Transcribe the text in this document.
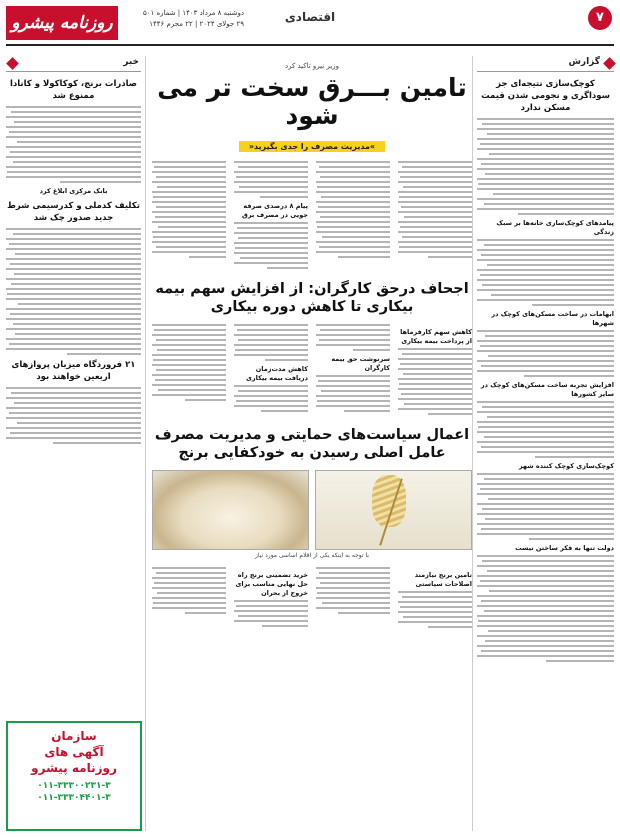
روزنامه پیشرو	دوشنبه ۸ مرداد ۱۴۰۳ | شماره ۵۰۱
۲۹ جولای ۲۰۲۴ | ۲۲ محرم ۱۴۴۶	اقتصادی	۷
گزارش
کوچک‌سازی نتیجه‌ای جز سوداگری و نجومی شدن قیمت مسکن ندارد
پیامدهای کوچک‌سازی خانه‌ها بر سبک زندگی
ابهامات در ساخت مسکن‌های کوچک در شهرها
افزایش تجربه ساخت مسکن‌های کوچک در سایر کشورها
کوچک‌سازی کوچک کننده شهر
دولت تنها به فکر ساختن نیست
خبر
صادرات برنج، کوکاکولا و کانادا ممنوع شد
بانک مرکزی ابلاغ کرد
تکلیف کدملی و کدرسیمی شرط جدید صدور چک شد
۲۱ فروردگاه میزبان پروازهای اربعین خواهند بود
سازمان
آگهی های
روزنامه پیشرو
۰۱۱-۳۳۳۰۰۲۳۱-۳
۰۱۱-۳۳۳۰۴۴۰۱-۳
وزیر نیرو تاکید کرد
تامین بـــرق سخت تر می شود
»مدیریت مصرف را جدی بگیرید«
پیام ۸ درصدی صرفه جویی در مصرف برق
اجحاف درحق کارگران: از افزایش سهم بیمه بیکاری تا کاهش دوره بیکاری
کاهش سهم کارفرماها از پرداخت بیمه بیکاری
سرنوشت حق بیمه کارگران
کاهش مدت‌زمان دریافت بیمه بیکاری
اعمال سیاست‌های حمایتی و مدیریت مصرف عامل اصلی رسیدن به خودکفایی برنج
با توجه به اینکه یکی از اقلام اساسی مورد نیاز
تامین برنج نیازمند اصلاحات سیاستی
خرید تضمینی برنج راه حل نهایی مناسب برای خروج از بحران
